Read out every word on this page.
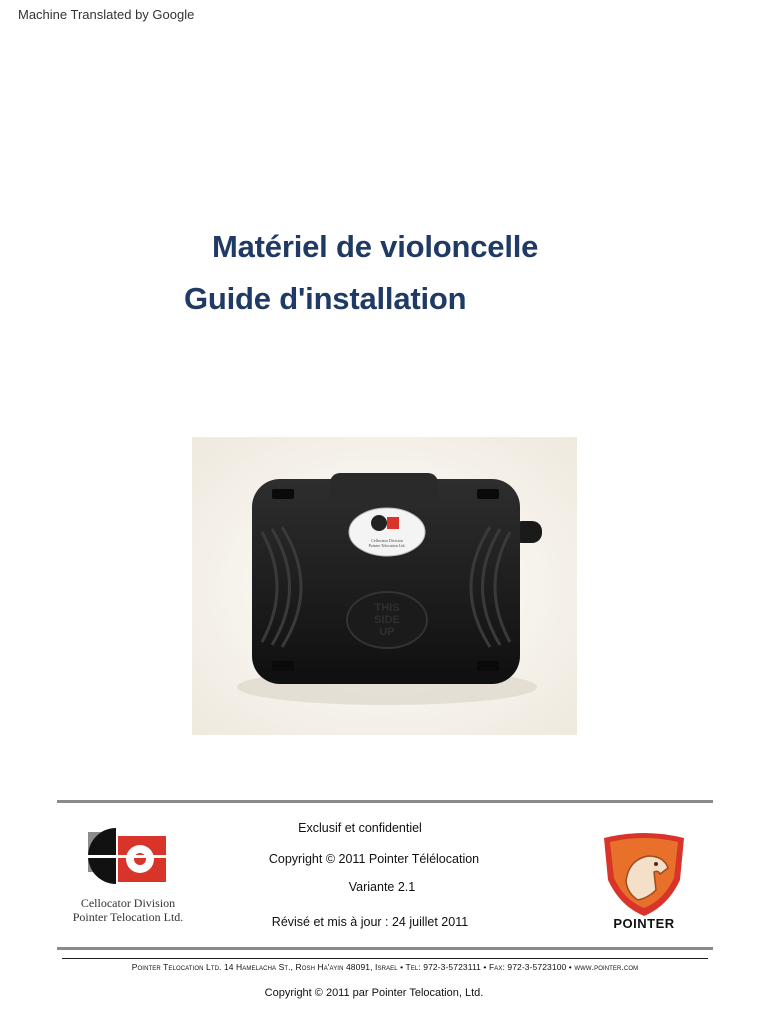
Machine Translated by Google
Matériel de violoncelle
Guide d'installation
Cellocator Division
Pointer Telocation Ltd.
THIS
SIDE
UP
Cellocator Division
Pointer Telocation Ltd.
Exclusif et confidentiel
Copyright © 2011 Pointer Télélocation
Variante 2.1
Révisé et mis à jour : 24 juillet 2011	POINTER
Pointer Telocation Ltd. 14 Hamelacha St., Rosh Ha'ayin 48091, Israel • Tel: 972-3-5723111 • Fax: 972-3-5723100 • www.pointer.com
Copyright © 2011 par Pointer Telocation, Ltd.
